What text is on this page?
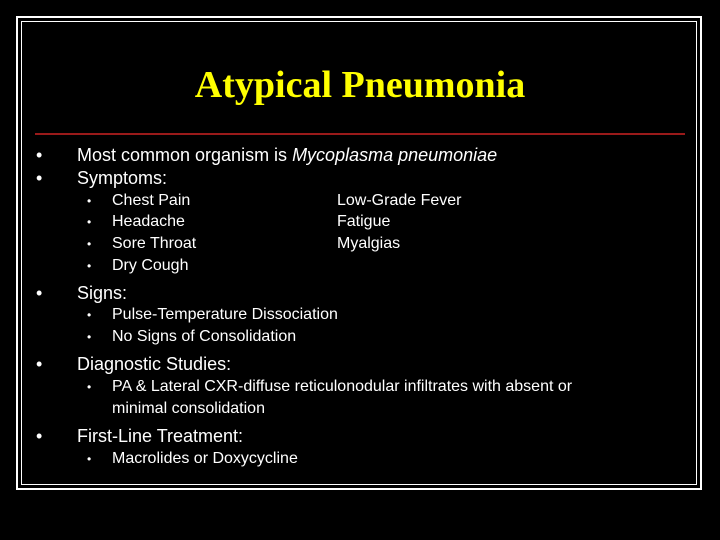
Atypical Pneumonia
• Most common organism is Mycoplasma pneumoniae
• Symptoms:
• Chest Pain
• Headache
• Sore Throat
• Dry Cough
Low-Grade Fever
Fatigue
Myalgias
• Signs:
• Pulse-Temperature Dissociation
• No Signs of Consolidation
• Diagnostic Studies:
• PA & Lateral CXR-diffuse reticulonodular infiltrates with absent or
minimal consolidation
• First-Line Treatment:
• Macrolides or Doxycycline
